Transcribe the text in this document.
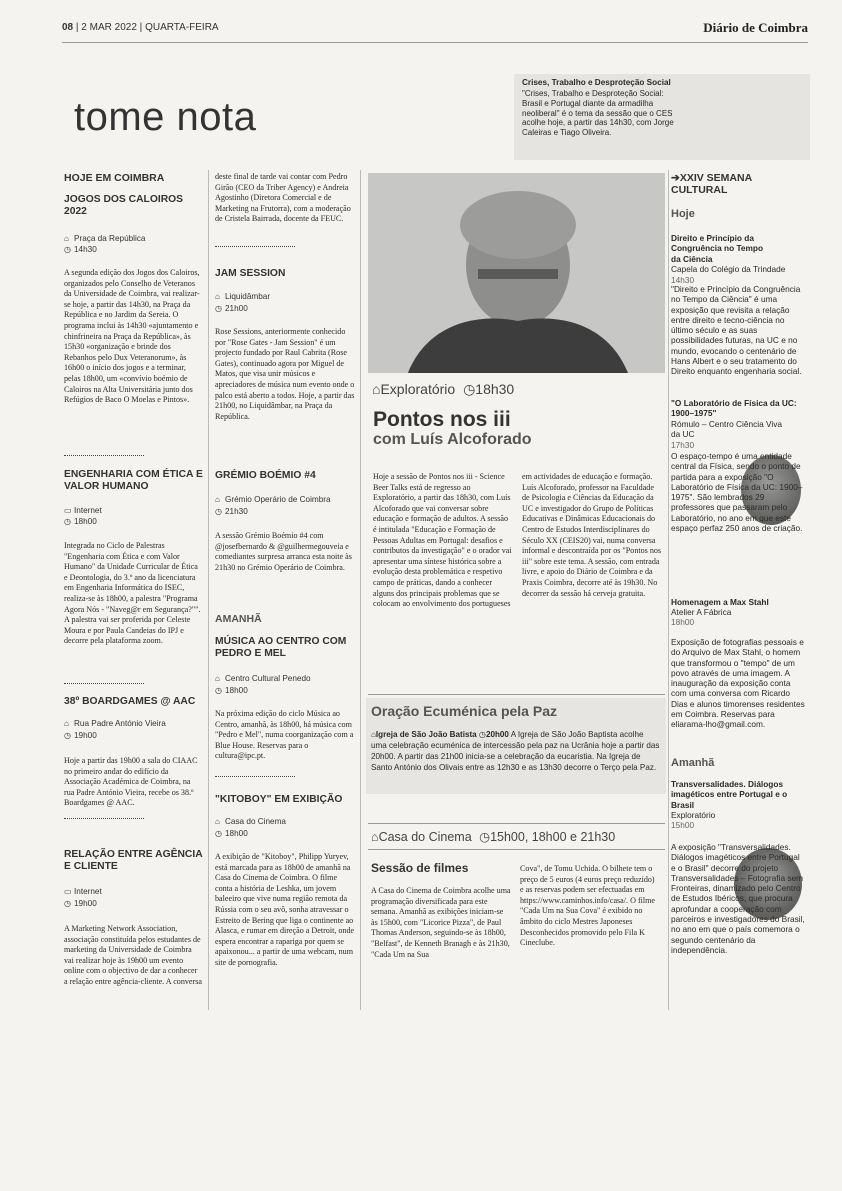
08 | 2 MAR 2022 | QUARTA-FEIRA	Diário de Coimbra
tome nota
Crises, Trabalho e Desproteção Social
"Crises, Trabalho e Desproteção Social: Brasil e Portugal diante da armadilha neoliberal" é o tema da sessão que o CES acolhe hoje, a partir das 14h30, com Jorge Caleiras e Tiago Oliveira.
HOJE EM COIMBRA
JOGOS DOS CALOIROS 2022
⌂ Praça da República
◷ 14h30
A segunda edição dos Jogos dos Caloiros, organizados pelo Conselho de Veteranos da Universidade de Coimbra, vai realizar-se hoje, a partir das 14h30, na Praça da República e no Jardim da Sereia. O programa inclui às 14h30 «ajuntamento e chinfrineira na Praça da República», às 15h30 «organização e brinde dos Rebanhos pelo Dux Veteranorum», às 16h00 o início dos jogos e a terminar, pelas 18h00, um «convívio boémio de Caloiros na Alta Universitária junto dos Refúgios de Baco O Moelas e Pintos».
ENGENHARIA COM ÉTICA E VALOR HUMANO
▭ Internet
◷ 18h00
Integrada no Ciclo de Palestras "Engenharia com Ética e com Valor Humano" da Unidade Curricular de Ética e Deontologia, do 3.º ano da licenciatura em Engenharia Informática do ISEC, realiza-se às 18h00, a palestra "Programa Agora Nós - "Naveg@r em Segurança?"". A palestra vai ser proferida por Celeste Moura e por Paula Candeias do IPJ e decorre pela plataforma zoom.
38º BOARDGAMES @ AAC
⌂ Rua Padre António Vieira
◷ 19h00
Hoje a partir das 19h00 a sala do CIAAC no primeiro andar do edifício da Associação Académica de Coimbra, na rua Padre António Vieira, recebe os 38.º Boardgames @ AAC.
RELAÇÃO ENTRE AGÊNCIA E CLIENTE
▭ Internet
◷ 19h00
A Marketing Network Association, associação constituída pelos estudantes de marketing da Universidade de Coimbra vai realizar hoje às 19h00 um evento online com o objectivo de dar a conhecer a relação entre agência-cliente. A conversa
deste final de tarde vai contar com Pedro Girão (CEO da Triber Agency) e Andreia Agostinho (Diretora Comercial e de Marketing na Frutorra), com a moderação de Cristela Bairrada, docente da FEUC.
JAM SESSION
⌂ Liquidâmbar
◷ 21h00
Rose Sessions, anteriormente conhecido por "Rose Gates - Jam Session" é um projecto fundado por Raul Cabrita (Rose Gates), continuado agora por Miguel de Matos, que visa unir músicos e apreciadores de música num evento onde o palco está aberto a todos. Hoje, a partir das 21h00, no Liquidâmbar, na Praça da República.
GRÉMIO BOÉMIO #4
⌂ Grémio Operário de Coimbra
◷ 21h30
A sessão Grémio Boémio #4 com @josefbernardo & @guilhermegouveia e comediantes surpresa arranca esta noite às 21h30 no Grémio Operário de Coimbra.
AMANHÃ
MÚSICA AO CENTRO COM PEDRO E MEL
⌂ Centro Cultural Penedo
◷ 18h00
Na próxima edição do ciclo Música ao Centro, amanhã, às 18h00, há música com "Pedro e Mel", numa coorganização com a Blue House. Reservas para o cultura@ipc.pt.
"KITOBOY" EM EXIBIÇÃO
⌂ Casa do Cinema
◷ 18h00
A exibição de "Kitoboy", Philipp Yuryev, está marcada para as 18h00 de amanhã na Casa do Cinema de Coimbra. O filme conta a história de Leshka, um jovem baleeiro que vive numa região remota da Rússia com o seu avô, sonha atravessar o Estreito de Bering que liga o continente ao Alasca, e rumar em direção a Detroit, onde espera encontrar a rapariga por quem se apaixonou... a partir de uma webcam, num site de pornografia.
⌂Exploratório ◷18h30
Pontos nos iii
com Luís Alcoforado
Hoje a sessão de Pontos nos iii - Science Beer Talks está de regresso ao Exploratório, a partir das 18h30, com Luís Alcoforado que vai conversar sobre educação e formação de adultos. A sessão é intitulada "Educação e Formação de Pessoas Adultas em Portugal: desafios e contributos da investigação" e o orador vai apresentar uma síntese histórica sobre a evolução desta problemática e respetivo campo de práticas, dando a conhecer alguns dos principais problemas que se colocam ao envolvimento dos portugueses
em actividades de educação e formação. Luís Alcoforado, professor na Faculdade de Psicologia e Ciências da Educação da UC e investigador do Grupo de Políticas Educativas e Dinâmicas Educacionais do Centro de Estudos Interdisciplinares do Século XX (CEIS20) vai, numa conversa informal e descontraída por os "Pontos nos iii" sobre este tema. A sessão, com entrada livre, e apoio do Diário de Coimbra e da Praxis Coimbra, decorre até às 19h30. No decorrer da sessão há cerveja gratuita.
Oração Ecuménica pela Paz
⌂Igreja de São João Batista ◷20h00 A Igreja de São João Baptista acolhe uma celebração ecuménica de intercessão pela paz na Ucrânia hoje a partir das 20h00. A partir das 21h00 inicia-se a celebração da eucaristia. Na Igreja de Santo António dos Olivais entre as 12h30 e as 13h30 decorre o Terço pela Paz.
⌂Casa do Cinema ◷15h00, 18h00 e 21h30
Sessão de filmes
A Casa do Cinema de Coimbra acolhe uma programação diversificada para este semana. Amanhã as exibições iniciam-se às 15h00, com "Licorice Pizza", de Paul Thomas Anderson, seguindo-se às 18h00, "Belfast", de Kenneth Branagh e às 21h30, "Cada Um na Sua
Cova", de Tomu Uchida. O bilhete tem o preço de 5 euros (4 euros preço reduzido) e as reservas podem ser efectuadas em https://www.caminhos.info/casa/. O filme "Cada Um na Sua Cova" é exibido no âmbito do ciclo Mestres Japoneses Desconhecidos promovido pelo Fila K Cineclube.
➔XXIV SEMANA CULTURAL
Hoje
Direito e Princípio da Congruência no Tempo da Ciência
Capela do Colégio da Trindade
14h30
"Direito e Princípio da Congruência no Tempo da Ciência" é uma exposição que revisita a relação entre direito e tecno-ciência no último século e as suas possibilidades futuras, na UC e no mundo, evocando o centenário de Hans Albert e o seu tratamento do Direito enquanto engenharia social.
"O Laboratório de Física da UC: 1900–1975"
Rómulo – Centro Ciência Viva da UC
17h30
O espaço-tempo é uma entidade central da Física, sendo o ponto de partida para a exposição "O Laboratório de Física da UC: 1900–1975". São lembrados 29 professores que passaram pelo Laboratório, no ano em que este espaço perfaz 250 anos de criação.
Homenagem a Max Stahl
Atelier A Fábrica
18h00
Exposição de fotografias pessoais e do Arquivo de Max Stahl, o homem que transformou o "tempo" de um povo através de uma imagem. A inauguração da exposição conta com uma conversa com Ricardo Dias e alunos timorenses residentes em Coimbra. Reservas para eliarama-lho@gmail.com.
Amanhã
Transversalidades. Diálogos imagéticos entre Portugal e o Brasil
Exploratório
15h00
A exposição "Transversalidades. Diálogos imagéticos entre Portugal e o Brasil" decorre do projeto Transversalidades – Fotografia sem Fronteiras, dinamizado pelo Centro de Estudos Ibéricos, que procura aprofundar a cooperação com parceiros e investigadores do Brasil, no ano em que o país comemora o segundo centenário da independência.
